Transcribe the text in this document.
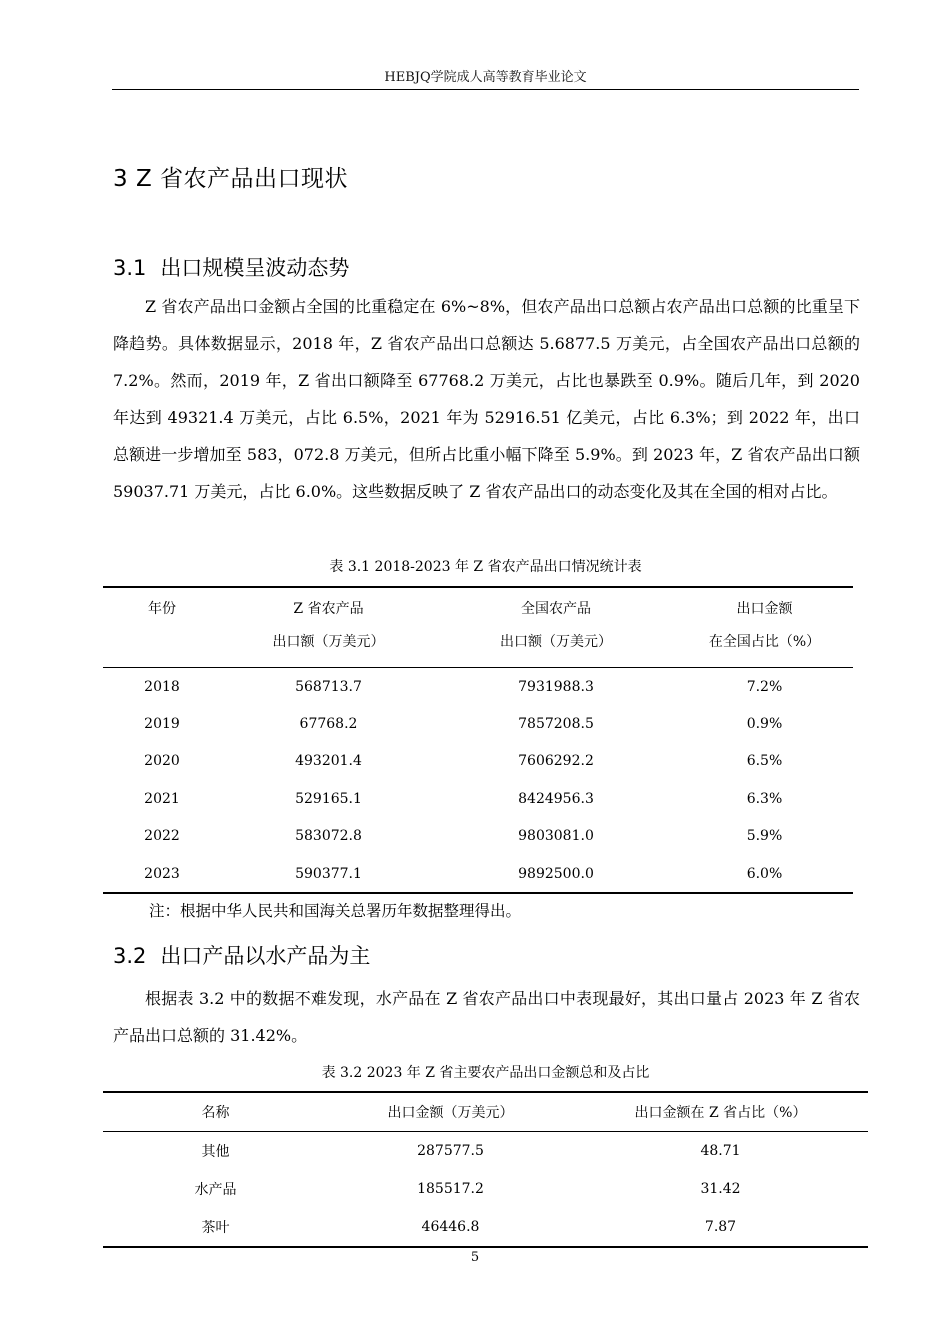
HEBJQ学院成人高等教育毕业论文
3 Z 省农产品出口现状
3.1 出口规模呈波动态势

Z 省农产品出口金额占全国的比重稳定在 6%~8%，但农产品出口总额占农产品出口总额的比重呈下降趋势。具体数据显示，2018 年，Z 省农产品出口总额达 5.6877.5 万美元，占全国农产品出口总额的 7.2%。然而，2019 年，Z 省出口额降至 67768.2 万美元，占比也暴跌至 0.9%。随后几年，到 2020 年达到 49321.4 万美元，占比 6.5%，2021 年为 52916.51 亿美元，占比 6.3%；到 2022 年，出口总额进一步增加至 583，072.8 万美元，但所占比重小幅下降至 5.9%。到 2023 年，Z 省农产品出口额 59037.71 万美元，占比 6.0%。这些数据反映了 Z 省农产品出口的动态变化及其在全国的相对占比。

表 3.1 2018-2023 年 Z 省农产品出口情况统计表
年份	Z 省农产品	全国农产品	出口金额
	出口额（万美元）	出口额（万美元）	在全国占比（%）
2018	568713.7	7931988.3	7.2%
2019	67768.2	7857208.5	0.9%
2020	493201.4	7606292.2	6.5%
2021	529165.1	8424956.3	6.3%
2022	583072.8	9803081.0	5.9%
2023	590377.1	9892500.0	6.0%
注：根据中华人民共和国海关总署历年数据整理得出。
3.2 出口产品以水产品为主

根据表 3.2 中的数据不难发现，水产品在 Z 省农产品出口中表现最好，其出口量占 2023 年 Z 省农产品出口总额的 31.42%。

表 3.2 2023 年 Z 省主要农产品出口金额总和及占比
名称	出口金额（万美元）	出口金额在 Z 省占比（%）
其他	287577.5	48.71
水产品	185517.2	31.42
茶叶	46446.8	7.87
5
